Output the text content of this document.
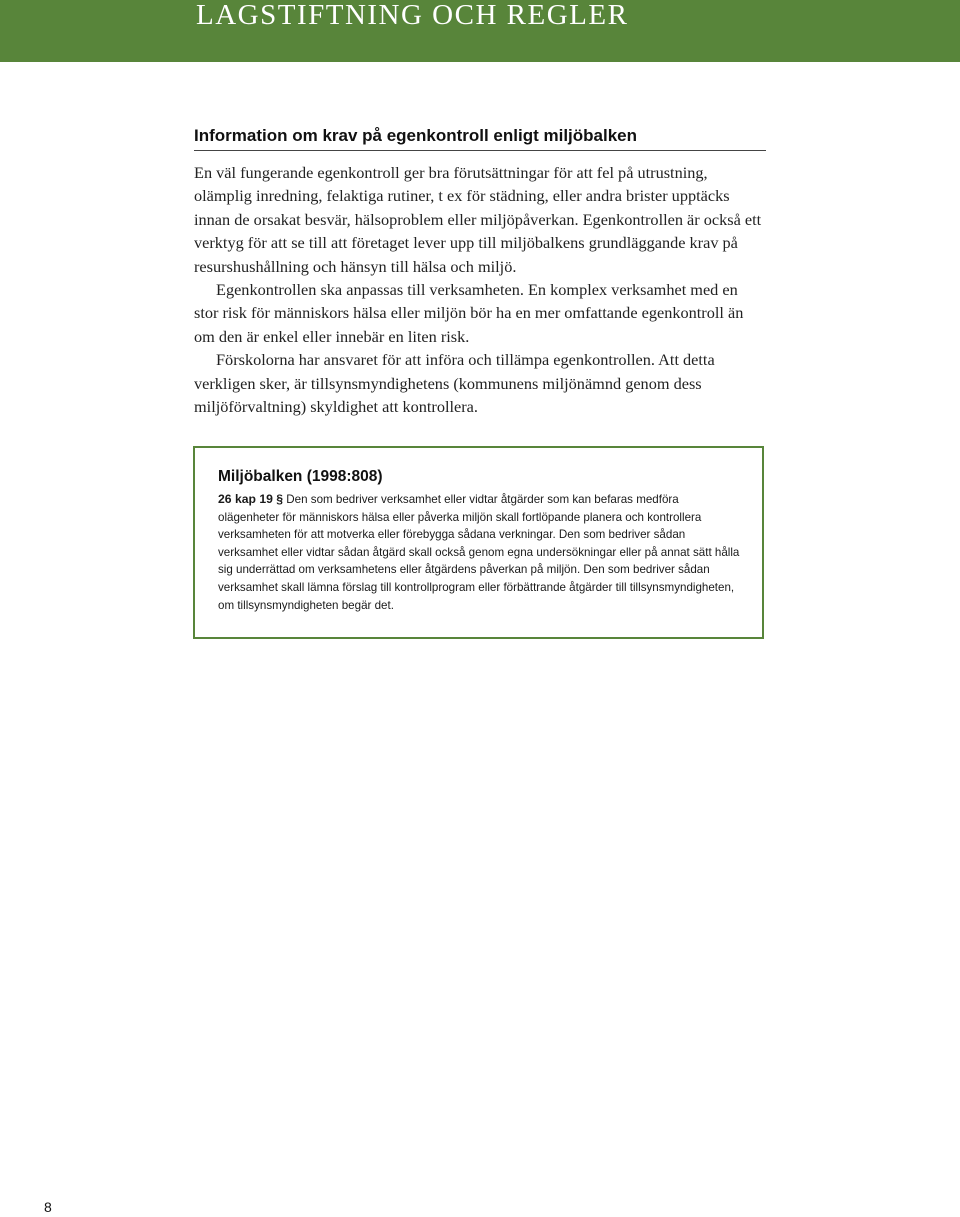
LAGSTIFTNING OCH REGLER
Information om krav på egenkontroll enligt miljöbalken

En väl fungerande egenkontroll ger bra förutsättningar för att fel på utrustning, olämplig inredning, felaktiga rutiner, t ex för städning, eller andra brister upptäcks innan de orsakat besvär, hälsoproblem eller miljöpåverkan. Egenkontrollen är också ett verktyg för att se till att företaget lever upp till miljöbalkens grundläggande krav på resurshushållning och hänsyn till hälsa och miljö.

Egenkontrollen ska anpassas till verksamheten. En komplex verksamhet med en stor risk för människors hälsa eller miljön bör ha en mer omfattande egenkontroll än om den är enkel eller innebär en liten risk.

Förskolorna har ansvaret för att införa och tillämpa egenkontrollen. Att detta verkligen sker, är tillsynsmyndighetens (kommunens miljönämnd genom dess miljöförvaltning) skyldighet att kontrollera.

Miljöbalken (1998:808)
26 kap 19 § Den som bedriver verksamhet eller vidtar åtgärder som kan befaras medföra olägenheter för människors hälsa eller påverka miljön skall fortlöpande planera och kontrollera verksamheten för att motverka eller förebygga sådana verkningar. Den som bedriver sådan verksamhet eller vidtar sådan åtgärd skall också genom egna undersökningar eller på annat sätt hålla sig underrättad om verksamhetens eller åtgärdens påverkan på miljön. Den som bedriver sådan verksamhet skall lämna förslag till kontrollprogram eller förbättrande åtgärder till tillsynsmyndigheten, om tillsynsmyndigheten begär det.
8
